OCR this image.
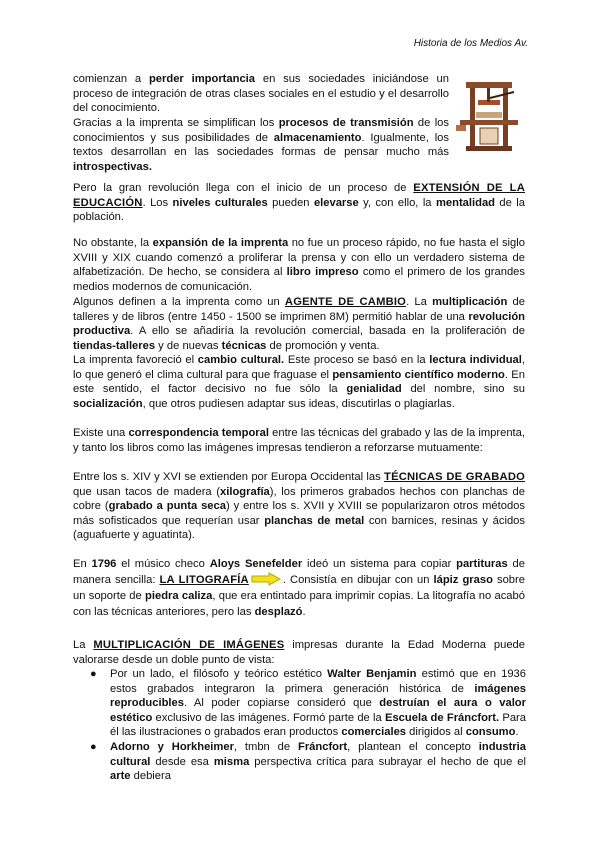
Historia de los Medios Av.

comienzan a perder importancia en sus sociedades iniciándose un proceso de integración de otras clases sociales en el estudio y el desarrollo del conocimiento.

Gracias a la imprenta se simplifican los procesos de transmisión de los conocimientos y sus posibilidades de almacenamiento. Igualmente, los textos desarrollan en las sociedades formas de pensar mucho más introspectivas.

Pero la gran revolución llega con el inicio de un proceso de EXTENSIÓN DE LA EDUCACIÓN. Los niveles culturales pueden elevarse y, con ello, la mentalidad de la población.

No obstante, la expansión de la imprenta no fue un proceso rápido, no fue hasta el siglo XVIII y XIX cuando comenzó a proliferar la prensa y con ello un verdadero sistema de alfabetización. De hecho, se considera al libro impreso como el primero de los grandes medios modernos de comunicación.

Algunos definen a la imprenta como un AGENTE DE CAMBIO. La multiplicación de talleres y de libros (entre 1450 - 1500 se imprimen 8M) permitió hablar de una revolución productiva. A ello se añadiría la revolución comercial, basada en la proliferación de tiendas-talleres y de nuevas técnicas de promoción y venta.

La imprenta favoreció el cambio cultural. Este proceso se basó en la lectura individual, lo que generó el clima cultural para que fraguase el pensamiento científico moderno. En este sentido, el factor decisivo no fue sólo la genialidad del nombre, sino su socialización, que otros pudiesen adaptar sus ideas, discutirlas o plagiarlas.

Existe una correspondencia temporal entre las técnicas del grabado y las de la imprenta, y tanto los libros como las imágenes impresas tendieron a reforzarse mutuamente:

Entre los s. XIV y XVI se extienden por Europa Occidental las TÉCNICAS DE GRABADO que usan tacos de madera (xilografía), los primeros grabados hechos con planchas de cobre (grabado a punta seca) y entre los s. XVII y XVIII se popularizaron otros métodos más sofisticados que requerían usar planchas de metal con barnices, resinas y ácidos (aguafuerte y aguatinta).

En 1796 el músico checo Aloys Senefelder ideó un sistema para copiar partituras de manera sencilla: LA LITOGRAFÍA	. Consistía en dibujar con un lápiz graso sobre un soporte de piedra caliza, que era entintado para imprimir copias. La litografía no acabó con las técnicas anteriores, pero las desplazó.

La MULTIPLICACIÓN DE IMÁGENES impresas durante la Edad Moderna puede valorarse desde un doble punto de vista:

● Por un lado, el filósofo y teórico estético Walter Benjamin estimó que en 1936 estos grabados integraron la primera generación histórica de imágenes reproducibles. Al poder copiarse consideró que destruían el aura o valor estético exclusivo de las imágenes. Formó parte de la Escuela de Fráncfort. Para él las ilustraciones o grabados eran productos comerciales dirigidos al consumo.

● Adorno y Horkheimer, tmbn de Fráncfort, plantean el concepto industria cultural desde esa misma perspectiva crítica para subrayar el hecho de que el arte debiera
